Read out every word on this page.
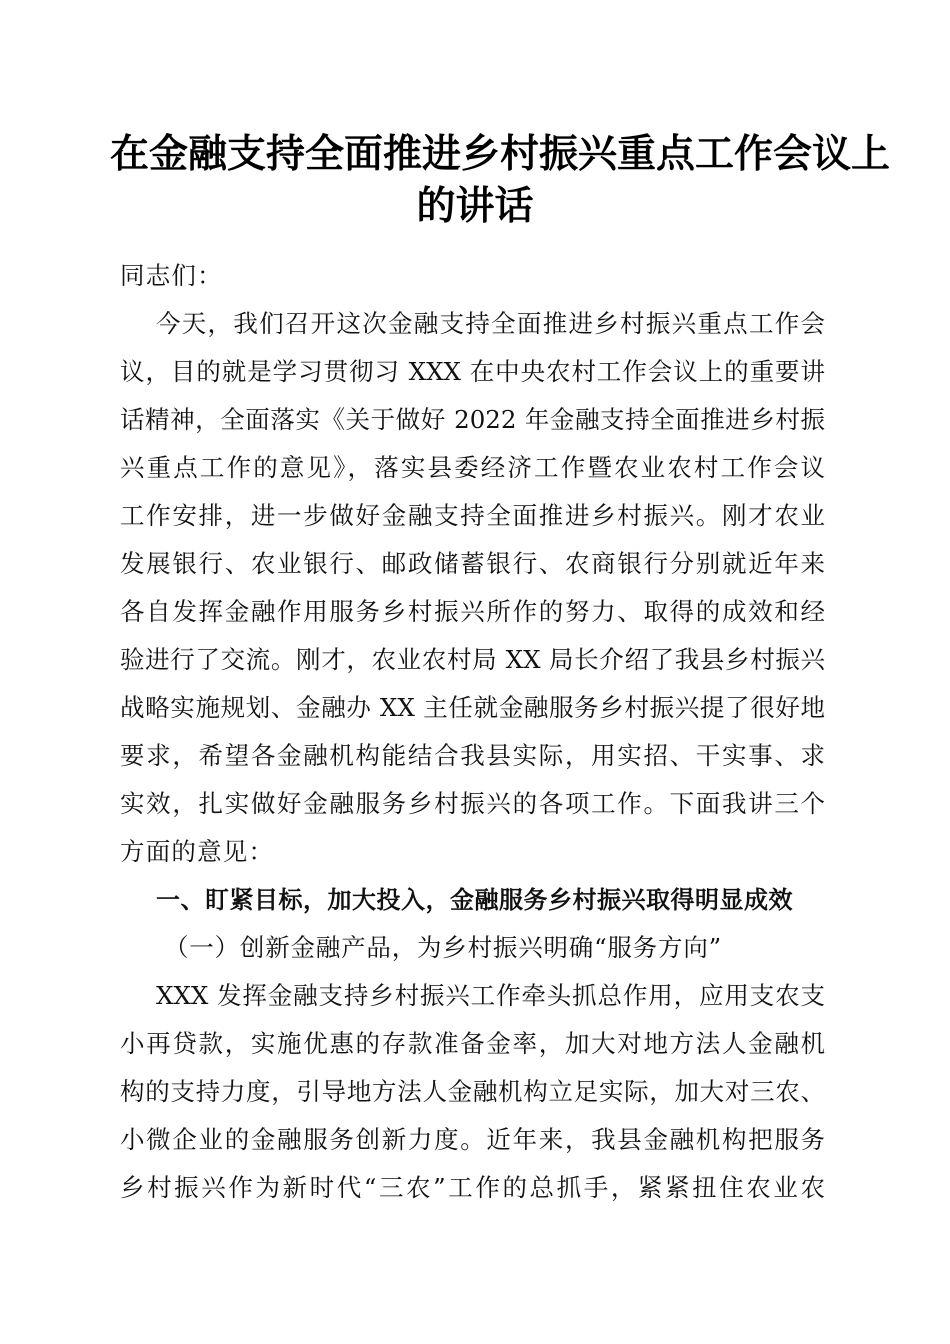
在金融支持全面推进乡村振兴重点工作会议上
的讲话
同志们：
今天，我们召开这次金融支持全面推进乡村振兴重点工作会
议，目的就是学习贯彻习 XXX 在中央农村工作会议上的重要讲
话精神，全面落实《关于做好 2022 年金融支持全面推进乡村振
兴重点工作的意见》，落实县委经济工作暨农业农村工作会议
工作安排，进一步做好金融支持全面推进乡村振兴。刚才农业
发展银行、农业银行、邮政储蓄银行、农商银行分别就近年来
各自发挥金融作用服务乡村振兴所作的努力、取得的成效和经
验进行了交流。刚才，农业农村局 XX 局长介绍了我县乡村振兴
战略实施规划、金融办 XX 主任就金融服务乡村振兴提了很好地
要求，希望各金融机构能结合我县实际，用实招、干实事、求
实效，扎实做好金融服务乡村振兴的各项工作。下面我讲三个
方面的意见：
一、盯紧目标，加大投入，金融服务乡村振兴取得明显成效
（一）创新金融产品，为乡村振兴明确“服务方向”
XXX 发挥金融支持乡村振兴工作牵头抓总作用，应用支农支
小再贷款，实施优惠的存款准备金率，加大对地方法人金融机
构的支持力度，引导地方法人金融机构立足实际，加大对三农、
小微企业的金融服务创新力度。近年来，我县金融机构把服务
乡村振兴作为新时代“三农”工作的总抓手，紧紧扭住农业农
